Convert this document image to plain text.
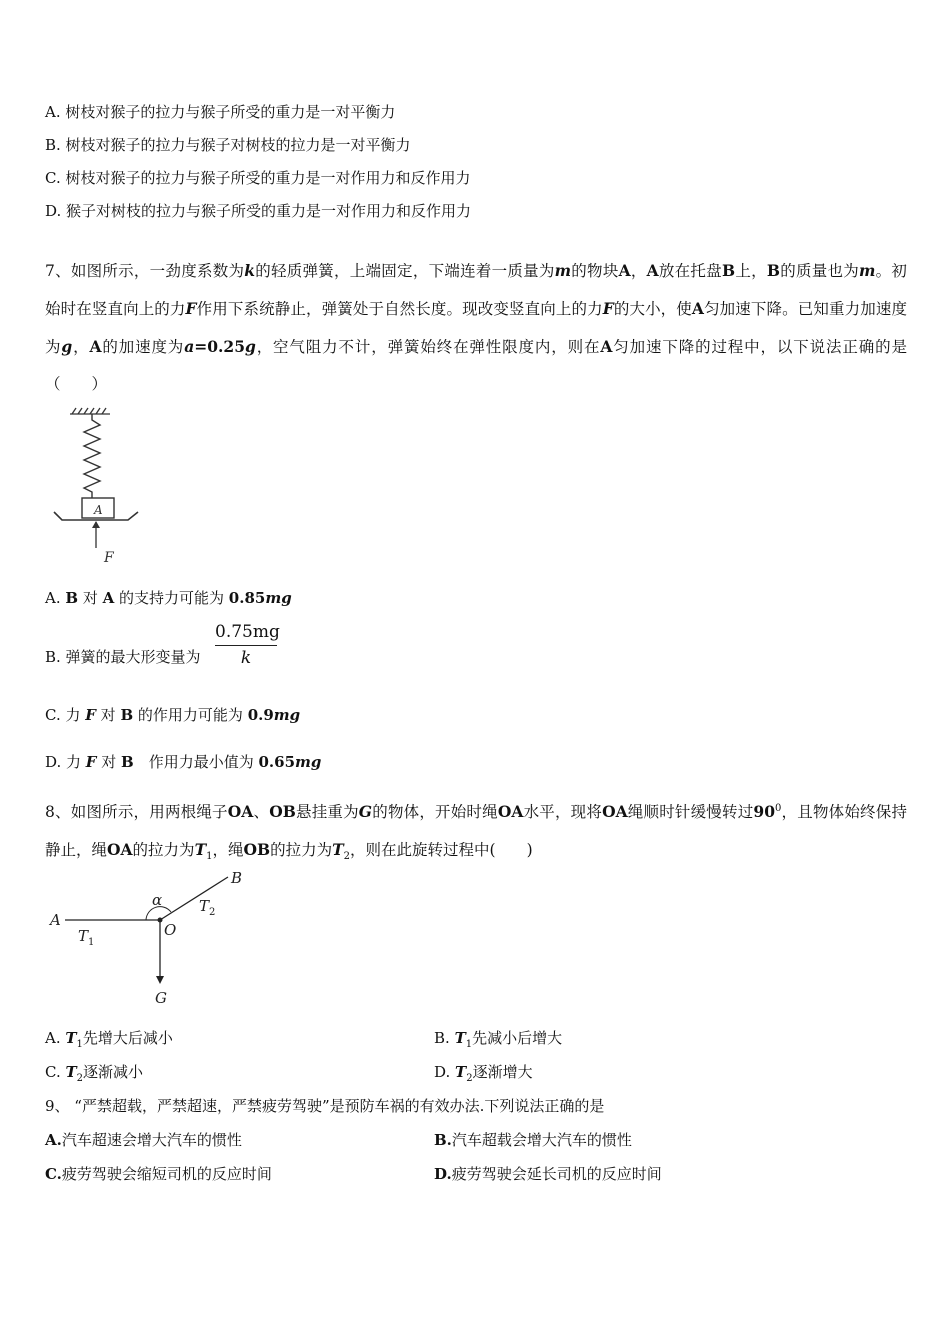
A. 树枝对猴子的拉力与猴子所受的重力是一对平衡力
B. 树枝对猴子的拉力与猴子对树枝的拉力是一对平衡力
C. 树枝对猴子的拉力与猴子所受的重力是一对作用力和反作用力
D. 猴子对树枝的拉力与猴子所受的重力是一对作用力和反作用力
7、如图所示，一劲度系数为k的轻质弹簧，上端固定，下端连着一质量为m的物块A，A放在托盘B上，B的质量也为m。初始时在竖直向上的力F作用下系统静止，弹簧处于自然长度。现改变竖直向上的力F的大小，使A匀加速下降。已知重力加速度为g，A的加速度为a=0.25g，空气阻力不计，弹簧始终在弹性限度内，则在A匀加速下降的过程中，以下说法正确的是（　　）
A
F
A. B 对 A 的支持力可能为 0.85mg
B. 弹簧的最大形变量为 $\frac{0.75mg}{k}$
C. 力 F 对 B 的作用力可能为 0.9mg
D. 力 F 对 B　作用力最小值为 0.65mg
8、如图所示，用两根绳子OA、OB悬挂重为G的物体，开始时绳OA水平，现将OA绳顺时针缓慢转过$90^0$，且物体始终保持静止，绳OA的拉力为$T_1$，绳OB的拉力为$T_2$，则在此旋转过程中(　　)
A
B
O
G
α
$T_1$
$T_2$
A. $T_1$先增大后减小	B. $T_1$先减小后增大
C. $T_2$逐渐减小	D. $T_2$逐渐增大
9、 “严禁超载，严禁超速，严禁疲劳驾驶”是预防车祸的有效办法.下列说法正确的是
A.汽车超速会增大汽车的惯性	B.汽车超载会增大汽车的惯性
C.疲劳驾驶会缩短司机的反应时间	D.疲劳驾驶会延长司机的反应时间
